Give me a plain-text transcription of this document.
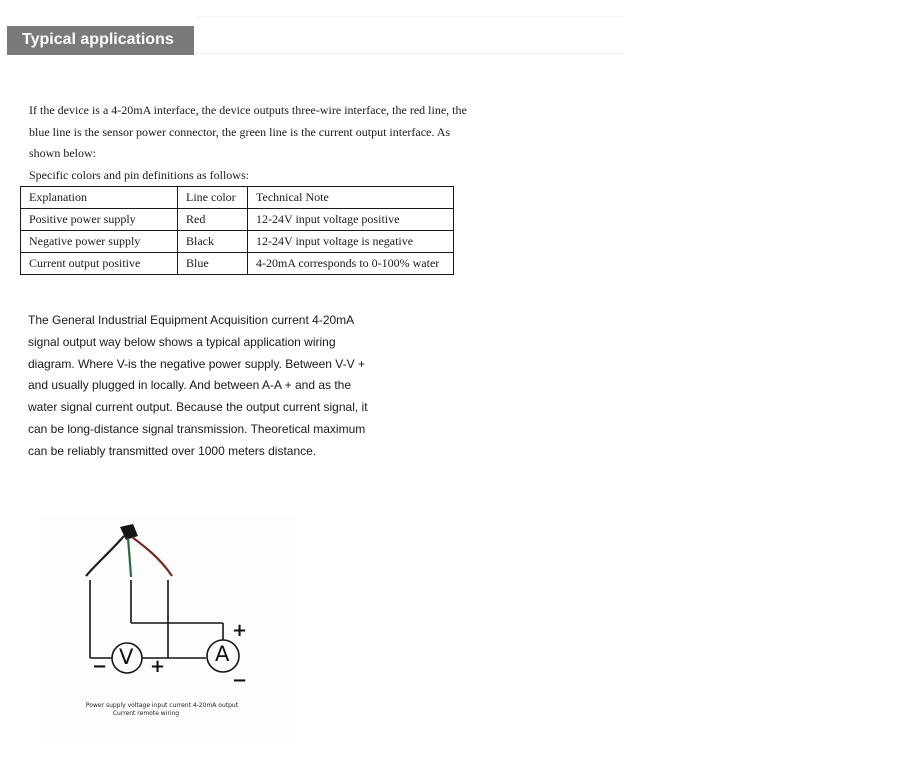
Typical applications

If the device is a 4-20mA interface, the device outputs three-wire interface, the red line, the blue line is the sensor power connector, the green line is the current output interface. As shown below:

Specific colors and pin definitions as follows:

Explanation	Line color	Technical Note
Positive power supply	Red	12-24V input voltage positive
Negative power supply	Black	12-24V input voltage is negative
Current output positive	Blue	4-20mA corresponds to 0-100% water
The General Industrial Equipment Acquisition current 4-20mA signal output way below shows a typical application wiring diagram. Where V-is the negative power supply. Between V-V + and usually plugged in locally. And between A-A + and as the water signal current output. Because the output current signal, it can be long-distance signal transmission. Theoretical maximum can be reliably transmitted over 1000 meters distance.
V	A
− +
+
−
Power supply voltage input current 4-20mA output
Current remote wiring
